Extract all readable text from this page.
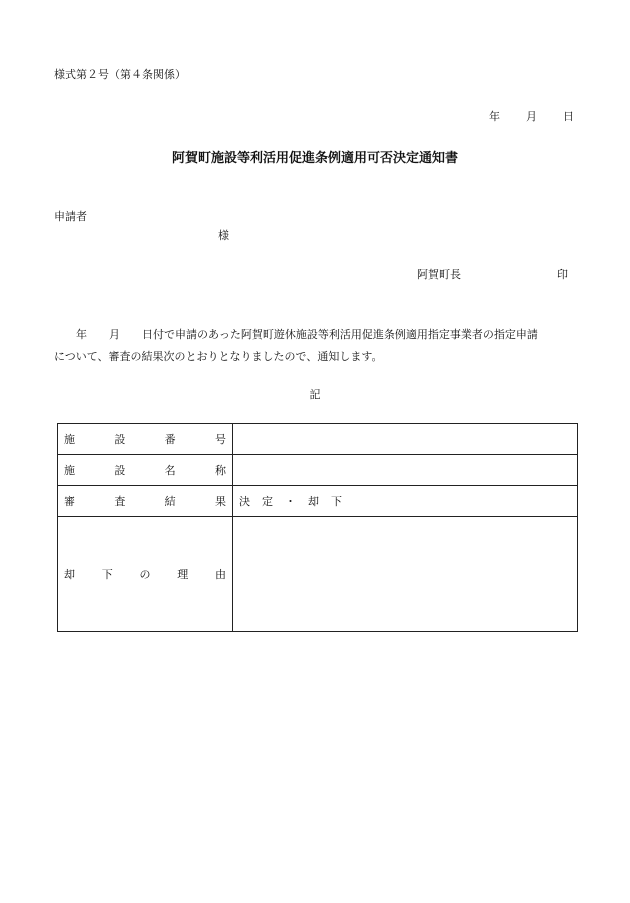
様式第２号（第４条関係）
年 月 日
阿賀町施設等利活用促進条例適用可否決定通知書
申請者
様
阿賀町長	印
年 月 日付で申請のあった阿賀町遊休施設等利活用促進条例適用指定事業者の指定申請
について、審査の結果次のとおりとなりましたので、通知します。
記
施 設 番 号	

施 設 名 称	

審 査 結 果	決 定 ・ 却 下

却 下 の 理 由	
